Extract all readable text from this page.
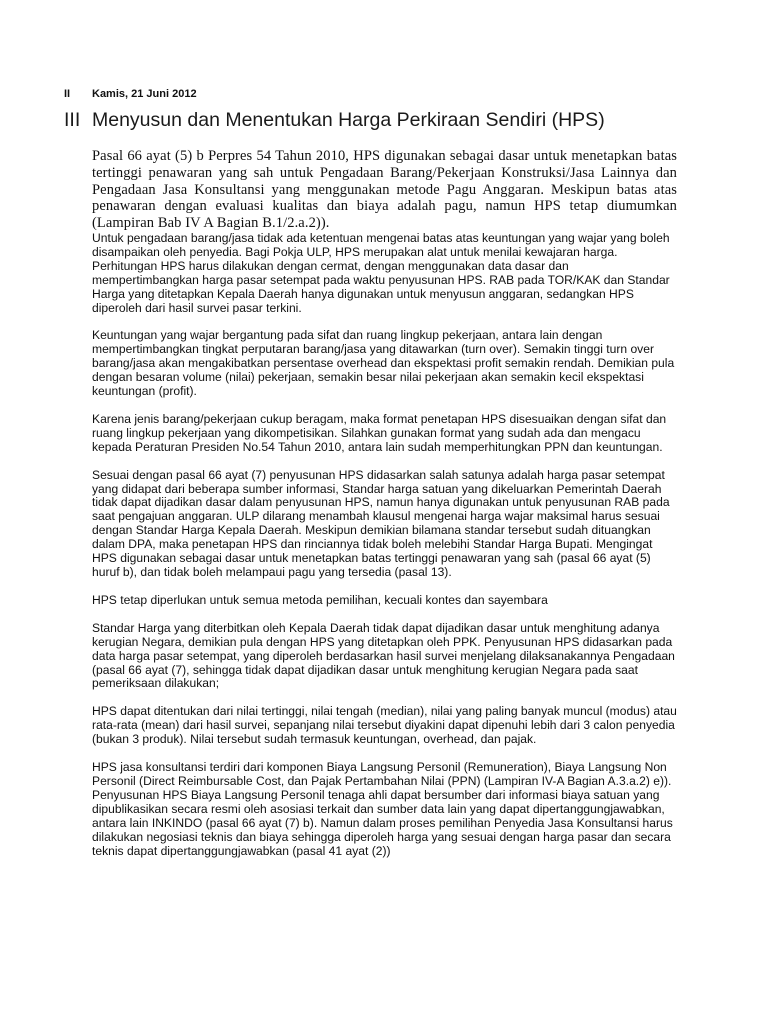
II	Kamis, 21 Juni 2012
III Menyusun dan Menentukan Harga Perkiraan Sendiri (HPS)

Pasal 66 ayat (5) b Perpres 54 Tahun 2010, HPS digunakan sebagai dasar untuk menetapkan batas tertinggi penawaran yang sah untuk Pengadaan Barang/Pekerjaan Konstruksi/Jasa Lainnya dan Pengadaan Jasa Konsultansi yang menggunakan metode Pagu Anggaran. Meskipun batas atas penawaran dengan evaluasi kualitas dan biaya adalah pagu, namun HPS tetap diumumkan (Lampiran Bab IV A Bagian B.1/2.a.2)).

Untuk pengadaan barang/jasa tidak ada ketentuan mengenai batas atas keuntungan yang wajar yang boleh disampaikan oleh penyedia. Bagi Pokja ULP, HPS merupakan alat untuk menilai kewajaran harga. Perhitungan HPS harus dilakukan dengan cermat, dengan menggunakan data dasar dan mempertimbangkan harga pasar setempat pada waktu penyusunan HPS. RAB pada TOR/KAK dan Standar Harga yang ditetapkan Kepala Daerah hanya digunakan untuk menyusun anggaran, sedangkan HPS diperoleh dari hasil survei pasar terkini.

Keuntungan yang wajar bergantung pada sifat dan ruang lingkup pekerjaan, antara lain dengan mempertimbangkan tingkat perputaran barang/jasa yang ditawarkan (turn over). Semakin tinggi turn over barang/jasa akan mengakibatkan persentase overhead dan ekspektasi profit semakin rendah. Demikian pula dengan besaran volume (nilai) pekerjaan, semakin besar nilai pekerjaan akan semakin kecil ekspektasi keuntungan (profit).

Karena jenis barang/pekerjaan cukup beragam, maka format penetapan HPS disesuaikan dengan sifat dan ruang lingkup pekerjaan yang dikompetisikan. Silahkan gunakan format yang sudah ada dan mengacu kepada Peraturan Presiden No.54 Tahun 2010, antara lain sudah memperhitungkan PPN dan keuntungan.

Sesuai dengan pasal 66 ayat (7) penyusunan HPS didasarkan salah satunya adalah harga pasar setempat yang didapat dari beberapa sumber informasi, Standar harga satuan yang dikeluarkan Pemerintah Daerah tidak dapat dijadikan dasar dalam penyusunan HPS, namun hanya digunakan untuk penyusunan RAB pada saat pengajuan anggaran. ULP dilarang menambah klausul mengenai harga wajar maksimal harus sesuai dengan Standar Harga Kepala Daerah. Meskipun demikian bilamana standar tersebut sudah dituangkan dalam DPA, maka penetapan HPS dan rinciannya tidak boleh melebihi Standar Harga Bupati. Mengingat HPS digunakan sebagai dasar untuk menetapkan batas tertinggi penawaran yang sah (pasal 66 ayat (5) huruf b), dan tidak boleh melampaui pagu yang tersedia (pasal 13).

HPS tetap diperlukan untuk semua metoda pemilihan, kecuali kontes dan sayembara

Standar Harga yang diterbitkan oleh Kepala Daerah tidak dapat dijadikan dasar untuk menghitung adanya kerugian Negara, demikian pula dengan HPS yang ditetapkan oleh PPK. Penyusunan HPS didasarkan pada data harga pasar setempat, yang diperoleh berdasarkan hasil survei menjelang dilaksanakannya Pengadaan (pasal 66 ayat (7), sehingga tidak dapat dijadikan dasar untuk menghitung kerugian Negara pada saat pemeriksaan dilakukan;

HPS dapat ditentukan dari nilai tertinggi, nilai tengah (median), nilai yang paling banyak muncul (modus) atau rata-rata (mean) dari hasil survei, sepanjang nilai tersebut diyakini dapat dipenuhi lebih dari 3 calon penyedia (bukan 3 produk). Nilai tersebut sudah termasuk keuntungan, overhead, dan pajak.

HPS jasa konsultansi terdiri dari komponen Biaya Langsung Personil (Remuneration), Biaya Langsung Non Personil (Direct Reimbursable Cost, dan Pajak Pertambahan Nilai (PPN) (Lampiran IV-A Bagian A.3.a.2) e)). Penyusunan HPS Biaya Langsung Personil tenaga ahli dapat bersumber dari informasi biaya satuan yang dipublikasikan secara resmi oleh asosiasi terkait dan sumber data lain yang dapat dipertanggungjawabkan, antara lain INKINDO (pasal 66 ayat (7) b). Namun dalam proses pemilihan Penyedia Jasa Konsultansi harus dilakukan negosiasi teknis dan biaya sehingga diperoleh harga yang sesuai dengan harga pasar dan secara teknis dapat dipertanggungjawabkan (pasal 41 ayat (2))
